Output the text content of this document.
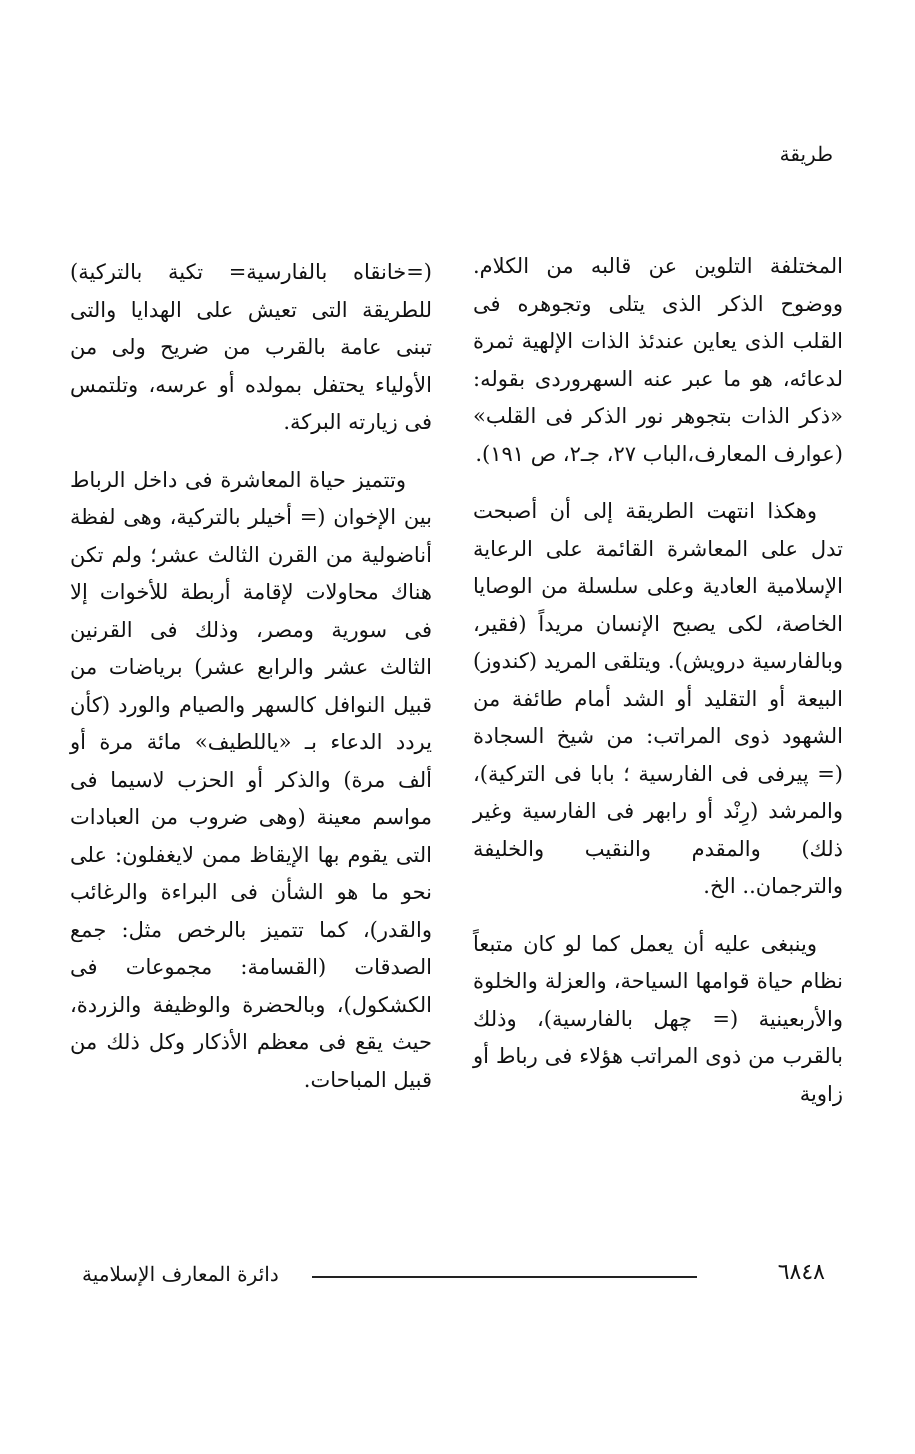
طريقة

المختلفة التلوين عن قالبه من الكلام. ووضوح الذكر الذى يتلى وتجوهره فى القلب الذى يعاين عندئذ الذات الإلهية ثمرة لدعائه، هو ما عبر عنه السهروردى بقوله: «ذكر الذات بتجوهر نور الذكر فى القلب» (عوارف المعارف،الباب ٢٧، جـ٢، ص ١٩١).

وهكذا انتهت الطريقة إلى أن أصبحت تدل على المعاشرة القائمة على الرعاية الإسلامية العادية وعلى سلسلة من الوصايا الخاصة، لكى يصبح الإنسان مريداً (فقير، وبالفارسية درويش). ويتلقى المريد (كندوز) البيعة أو التقليد أو الشد أمام طائفة من الشهود ذوى المراتب: من شيخ السجادة (= پيرفى فى الفارسية ؛ بابا فى التركية)، والمرشد (رِنْد أو رابهر فى الفارسية وغير ذلك) والمقدم والنقيب والخليفة والترجمان.. الخ.

وينبغى عليه أن يعمل كما لو كان متبعاً نظام حياة قوامها السياحة، والعزلة والخلوة والأربعينية (= چهل بالفارسية)، وذلك بالقرب من ذوى المراتب هؤلاء فى رباط أو زاوية

(=خانقاه بالفارسية= تكية بالتركية) للطريقة التى تعيش على الهدايا والتى تبنى عامة بالقرب من ضريح ولى من الأولياء يحتفل بمولده أو عرسه، وتلتمس فى زيارته البركة.

وتتميز حياة المعاشرة فى داخل الرباط بين الإخوان (= أخيلر بالتركية، وهى لفظة أناضولية من القرن الثالث عشر؛ ولم تكن هناك محاولات لإقامة أربطة للأخوات إلا فى سورية ومصر، وذلك فى القرنين الثالث عشر والرابع عشر) برياضات من قبيل النوافل كالسهر والصيام والورد (كأن يردد الدعاء بـ «ياللطيف» مائة مرة أو ألف مرة) والذكر أو الحزب لاسيما فى مواسم معينة (وهى ضروب من العبادات التى يقوم بها الإيقاظ ممن لايغفلون: على نحو ما هو الشأن فى البراءة والرغائب والقدر)، كما تتميز بالرخص مثل: جمع الصدقات (القسامة: مجموعات فى الكشكول)، وبالحضرة والوظيفة والزردة، حيث يقع فى معظم الأذكار وكل ذلك من قبيل المباحات.

دائرة المعارف الإسلامية	٦٨٤٨
